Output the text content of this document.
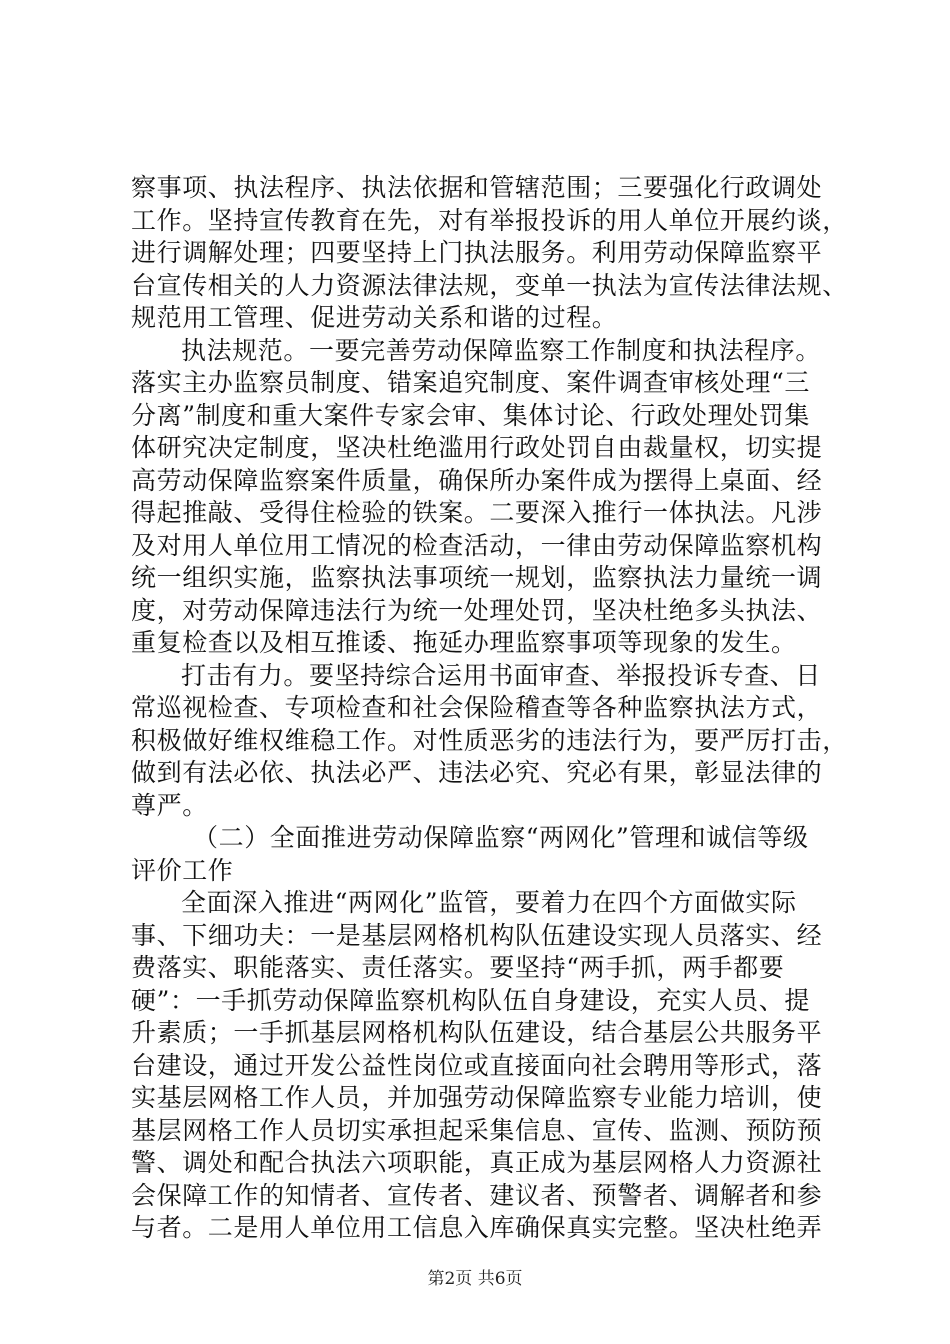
察事项、执法程序、执法依据和管辖范围；三要强化行政调处
工作。坚持宣传教育在先，对有举报投诉的用人单位开展约谈，
进行调解处理；四要坚持上门执法服务。利用劳动保障监察平
台宣传相关的人力资源法律法规，变单一执法为宣传法律法规、
规范用工管理、促进劳动关系和谐的过程。
执法规范。一要完善劳动保障监察工作制度和执法程序。
落实主办监察员制度、错案追究制度、案件调查审核处理“三
分离”制度和重大案件专家会审、集体讨论、行政处理处罚集
体研究决定制度，坚决杜绝滥用行政处罚自由裁量权，切实提
高劳动保障监察案件质量，确保所办案件成为摆得上桌面、经
得起推敲、受得住检验的铁案。二要深入推行一体执法。凡涉
及对用人单位用工情况的检查活动，一律由劳动保障监察机构
统一组织实施，监察执法事项统一规划，监察执法力量统一调
度，对劳动保障违法行为统一处理处罚，坚决杜绝多头执法、
重复检查以及相互推诿、拖延办理监察事项等现象的发生。
打击有力。要坚持综合运用书面审查、举报投诉专查、日
常巡视检查、专项检查和社会保险稽查等各种监察执法方式，
积极做好维权维稳工作。对性质恶劣的违法行为，要严厉打击，
做到有法必依、执法必严、违法必究、究必有果，彰显法律的
尊严。
（二）全面推进劳动保障监察“两网化”管理和诚信等级
评价工作
全面深入推进“两网化”监管，要着力在四个方面做实际
事、下细功夫：一是基层网格机构队伍建设实现人员落实、经
费落实、职能落实、责任落实。要坚持“两手抓，两手都要
硬”：一手抓劳动保障监察机构队伍自身建设，充实人员、提
升素质；一手抓基层网格机构队伍建设，结合基层公共服务平
台建设，通过开发公益性岗位或直接面向社会聘用等形式，落
实基层网格工作人员，并加强劳动保障监察专业能力培训，使
基层网格工作人员切实承担起采集信息、宣传、监测、预防预
警、调处和配合执法六项职能，真正成为基层网格人力资源社
会保障工作的知情者、宣传者、建议者、预警者、调解者和参
与者。二是用人单位用工信息入库确保真实完整。坚决杜绝弄
第2页 共6页
